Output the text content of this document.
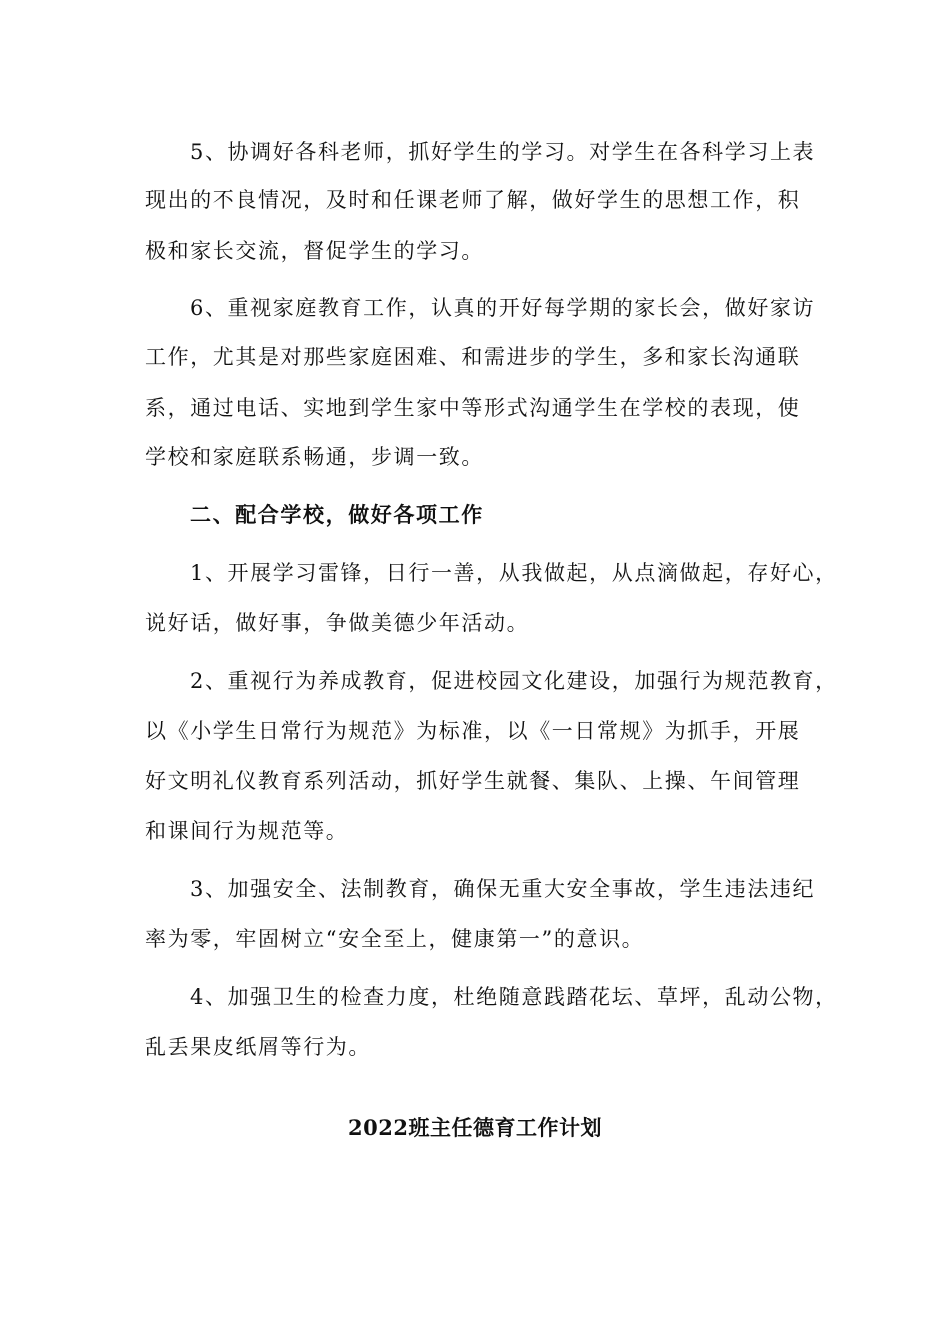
5、协调好各科老师，抓好学生的学习。对学生在各科学习上表
现出的不良情况，及时和任课老师了解，做好学生的思想工作，积
极和家长交流，督促学生的学习。
6、重视家庭教育工作，认真的开好每学期的家长会，做好家访
工作，尤其是对那些家庭困难、和需进步的学生，多和家长沟通联
系，通过电话、实地到学生家中等形式沟通学生在学校的表现，使
学校和家庭联系畅通，步调一致。
二、配合学校，做好各项工作
1、开展学习雷锋，日行一善，从我做起，从点滴做起，存好心，
说好话，做好事，争做美德少年活动。
2、重视行为养成教育，促进校园文化建设，加强行为规范教育，
以《小学生日常行为规范》为标准，以《一日常规》为抓手，开展
好文明礼仪教育系列活动，抓好学生就餐、集队、上操、午间管理
和课间行为规范等。
3、加强安全、法制教育，确保无重大安全事故，学生违法违纪
率为零，牢固树立“安全至上，健康第一”的意识。
4、加强卫生的检查力度，杜绝随意践踏花坛、草坪，乱动公物，
乱丢果皮纸屑等行为。
2022班主任德育工作计划
